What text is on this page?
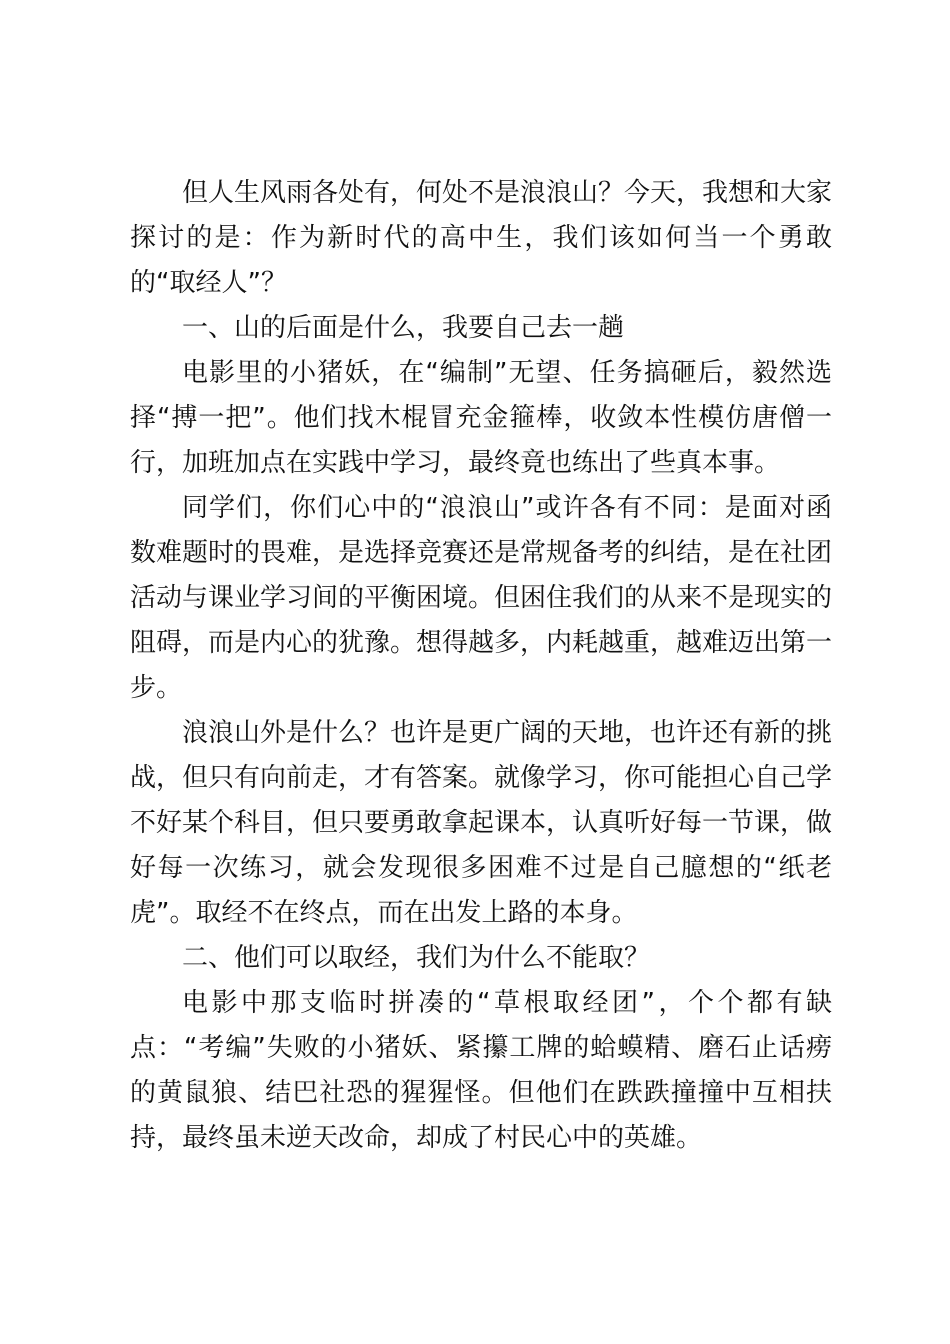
但人生风雨各处有，何处不是浪浪山？今天，我想和大家探讨的是：作为新时代的高中生，我们该如何当一个勇敢的“取经人”？

一、山的后面是什么，我要自己去一趟

电影里的小猪妖，在“编制”无望、任务搞砸后，毅然选择“搏一把”。他们找木棍冒充金箍棒，收敛本性模仿唐僧一行，加班加点在实践中学习，最终竟也练出了些真本事。

同学们，你们心中的“浪浪山”或许各有不同：是面对函数难题时的畏难，是选择竞赛还是常规备考的纠结，是在社团活动与课业学习间的平衡困境。但困住我们的从来不是现实的阻碍，而是内心的犹豫。想得越多，内耗越重，越难迈出第一步。

浪浪山外是什么？也许是更广阔的天地，也许还有新的挑战，但只有向前走，才有答案。就像学习，你可能担心自己学不好某个科目，但只要勇敢拿起课本，认真听好每一节课，做好每一次练习，就会发现很多困难不过是自己臆想的“纸老虎”。取经不在终点，而在出发上路的本身。

二、他们可以取经，我们为什么不能取？

电影中那支临时拼凑的“草根取经团”，个个都有缺点：“考编”失败的小猪妖、紧攥工牌的蛤蟆精、磨石止话痨的黄鼠狼、结巴社恐的猩猩怪。但他们在跌跌撞撞中互相扶持，最终虽未逆天改命，却成了村民心中的英雄。
